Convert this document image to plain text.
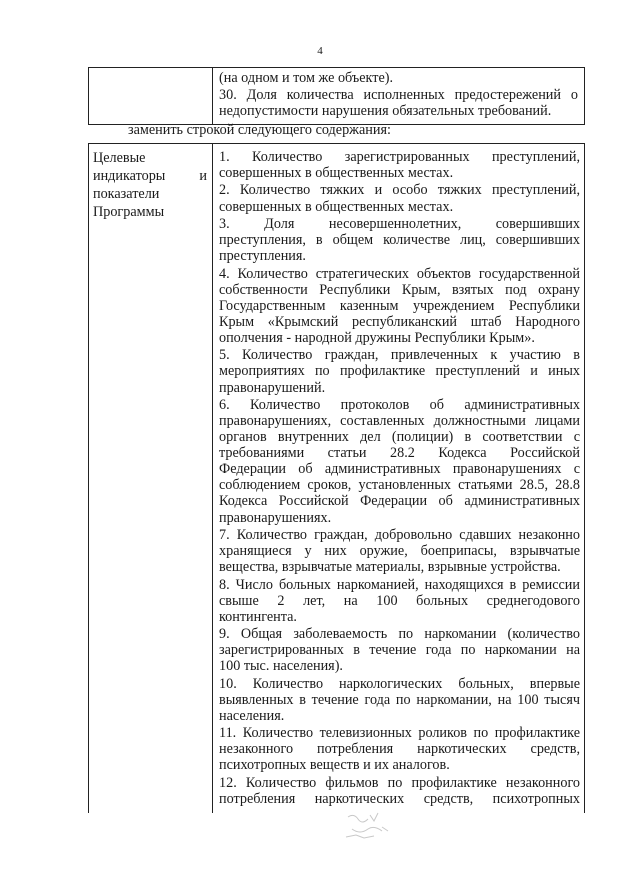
4
(на одном и том же объекте).
30. Доля количества исполненных предостережений о
недопустимости нарушения обязательных требований.
заменить строкой следующего содержания:
Целевые
индикаторы и
показатели
Программы
1. Количество зарегистрированных преступлений,
совершенных в общественных местах.
2. Количество тяжких и особо тяжких преступлений,
совершенных в общественных местах.
3. Доля несовершеннолетних, совершивших
преступления, в общем количестве лиц, совершивших
преступления.
4. Количество стратегических объектов государственной
собственности Республики Крым, взятых под охрану
Государственным казенным учреждением Республики
Крым «Крымский республиканский штаб Народного
ополчения - народной дружины Республики Крым».
5. Количество граждан, привлеченных к участию в
мероприятиях по профилактике преступлений и иных
правонарушений.
6. Количество протоколов об административных
правонарушениях, составленных должностными лицами
органов внутренних дел (полиции) в соответствии с
требованиями статьи 28.2 Кодекса Российской
Федерации об административных правонарушениях с
соблюдением сроков, установленных статьями 28.5, 28.8
Кодекса Российской Федерации об административных
правонарушениях.
7. Количество граждан, добровольно сдавших незаконно
хранящиеся у них оружие, боеприпасы, взрывчатые
вещества, взрывчатые материалы, взрывные устройства.
8. Число больных наркоманией, находящихся в ремиссии
свыше 2 лет, на 100 больных среднегодового
контингента.
9. Общая заболеваемость по наркомании (количество
зарегистрированных в течение года по наркомании на
100 тыс. населения).
10. Количество наркологических больных, впервые
выявленных в течение года по наркомании, на 100 тысяч
населения.
11. Количество телевизионных роликов по профилактике
незаконного потребления наркотических средств,
психотропных веществ и их аналогов.
12. Количество фильмов по профилактике незаконного
потребления наркотических средств, психотропных
